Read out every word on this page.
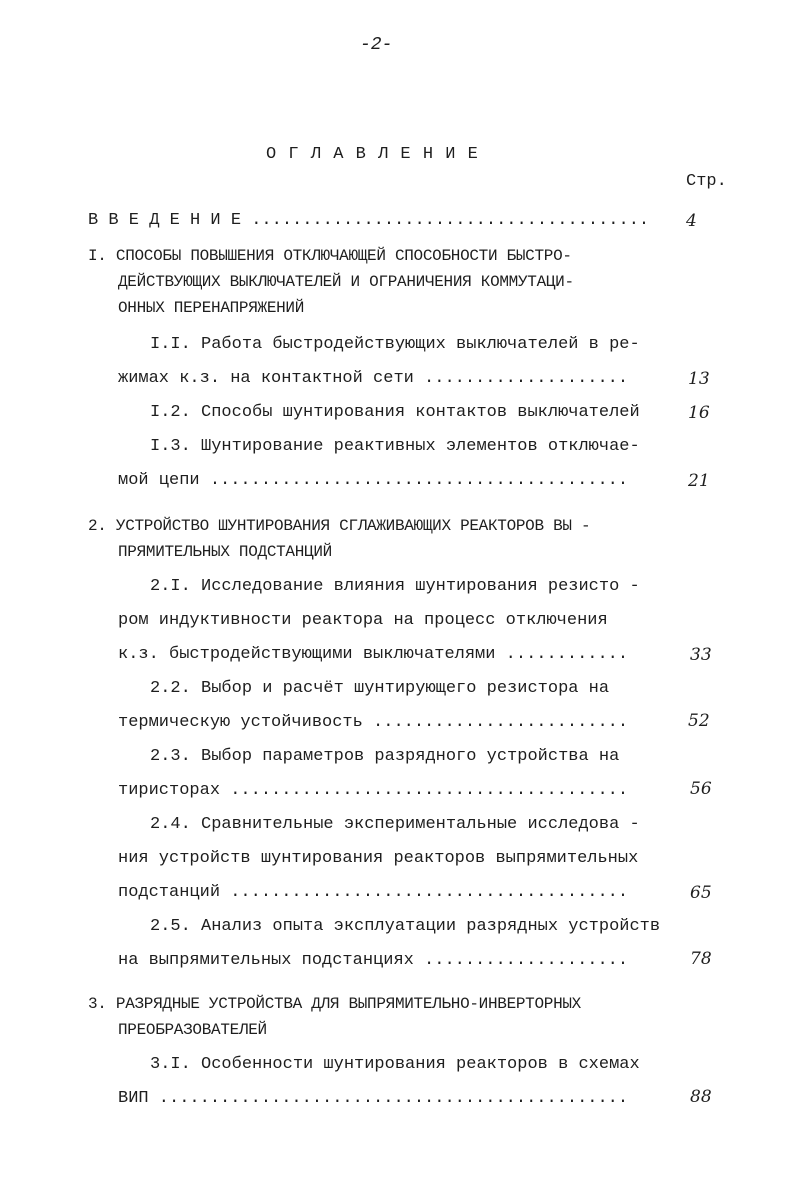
-2-
О Г Л А В Л Е Н И Е
Стр.
В В Е Д Е Н И Е ....................................... 4
I. СПОСОБЫ ПОВЫШЕНИЯ ОТКЛЮЧАЮЩЕЙ СПОСОБНОСТИ БЫСТРО-
ДЕЙСТВУЮЩИХ ВЫКЛЮЧАТЕЛЕЙ И ОГРАНИЧЕНИЯ КОММУТАЦИ-
ОННЫХ ПЕРЕНАПРЯЖЕНИЙ
I.I. Работа быстродействующих выключателей в ре-
жимах к.з. на контактной сети ....................	13
I.2. Способы шунтирования контактов выключателей	16
I.3. Шунтирование реактивных элементов отключае-
мой цепи .........................................	21
2. УСТРОЙСТВО ШУНТИРОВАНИЯ СГЛАЖИВАЮЩИХ РЕАКТОРОВ ВЫ -
ПРЯМИТЕЛЬНЫХ ПОДСТАНЦИЙ
2.I. Исследование влияния шунтирования резисто -
ром индуктивности реактора на процесс отключения
к.з. быстродействующими выключателями ............	33
2.2. Выбор и расчёт шунтирующего резистора на
термическую устойчивость .........................	52
2.3. Выбор параметров разрядного устройства на
тиристорах .......................................	56
2.4. Сравнительные экспериментальные исследова -
ния устройств шунтирования реакторов выпрямительных
подстанций .......................................	65
2.5. Анализ опыта эксплуатации разрядных устройств
на выпрямительных подстанциях ....................	78
3. РАЗРЯДНЫЕ УСТРОЙСТВА ДЛЯ ВЫПРЯМИТЕЛЬНО-ИНВЕРТОРНЫХ
ПРЕОБРАЗОВАТЕЛЕЙ
3.I. Особенности шунтирования реакторов в схемах
ВИП ..............................................	88
